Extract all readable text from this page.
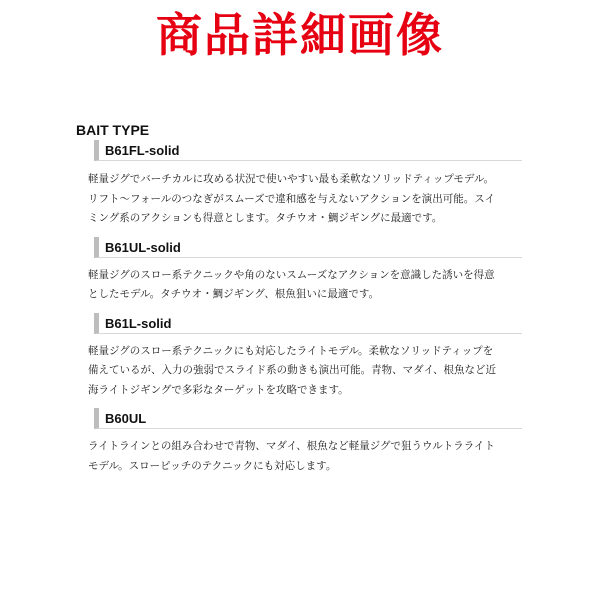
商品詳細画像
BAIT TYPE
B61FL-solid

軽量ジグでバーチカルに攻める状況で使いやすい最も柔軟なソリッドティップモデル。
リフト～フォールのつなぎがスムーズで違和感を与えないアクションを演出可能。スイ
ミング系のアクションも得意とします。タチウオ・鯛ジギングに最適です。

B61UL-solid

軽量ジグのスロー系テクニックや角のないスムーズなアクションを意識した誘いを得意
としたモデル。タチウオ・鯛ジギング、根魚狙いに最適です。

B61L-solid

軽量ジグのスロー系テクニックにも対応したライトモデル。柔軟なソリッドティップを
備えているが、入力の強弱でスライド系の動きも演出可能。青物、マダイ、根魚など近
海ライトジギングで多彩なターゲットを攻略できます。

B60UL

ライトラインとの組み合わせで青物、マダイ、根魚など軽量ジグで狙うウルトラライト
モデル。スローピッチのテクニックにも対応します。
